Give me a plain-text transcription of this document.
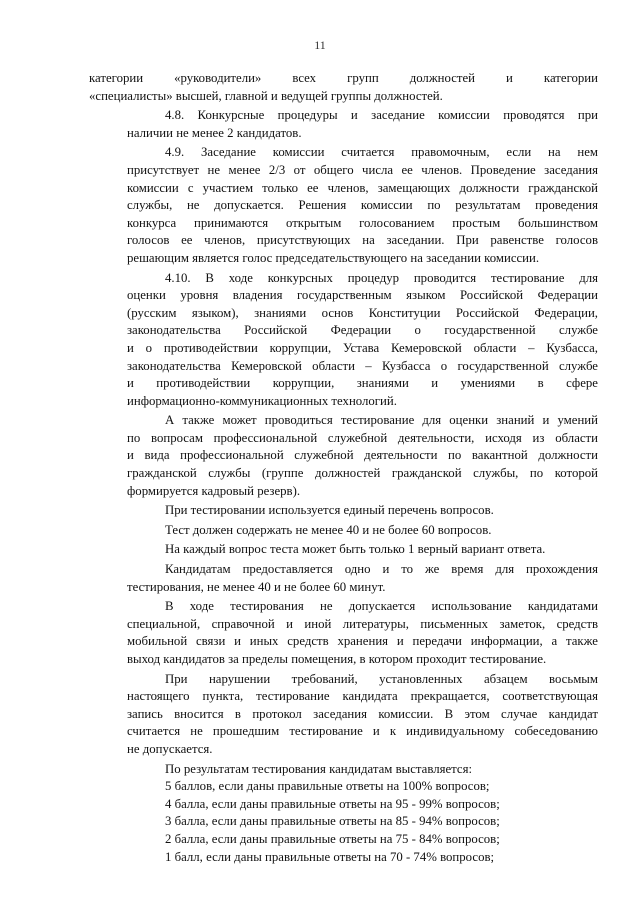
11
категории «руководители» всех групп должностей и категории
«специалисты» высшей, главной и ведущей группы должностей.
4.8. Конкурсные процедуры и заседание комиссии проводятся при
наличии не менее 2 кандидатов.
4.9. Заседание комиссии считается правомочным, если на нем
присутствует не менее 2/3 от общего числа ее членов. Проведение заседания
комиссии с участием только ее членов, замещающих должности гражданской
службы, не допускается. Решения комиссии по результатам проведения
конкурса принимаются открытым голосованием простым большинством
голосов ее членов, присутствующих на заседании. При равенстве голосов
решающим является голос председательствующего на заседании комиссии.
4.10. В ходе конкурсных процедур проводится тестирование для
оценки уровня владения государственным языком Российской Федерации
(русским языком), знаниями основ Конституции Российской Федерации,
законодательства Российской Федерации о государственной службе
и о противодействии коррупции, Устава Кемеровской области – Кузбасса,
законодательства Кемеровской области – Кузбасса о государственной службе
и противодействии коррупции, знаниями и умениями в сфере
информационно-коммуникационных технологий.
А также может проводиться тестирование для оценки знаний и умений
по вопросам профессиональной служебной деятельности, исходя из области
и вида профессиональной служебной деятельности по вакантной должности
гражданской службы (группе должностей гражданской службы, по которой
формируется кадровый резерв).
При тестировании используется единый перечень вопросов.
Тест должен содержать не менее 40 и не более 60 вопросов.
На каждый вопрос теста может быть только 1 верный вариант ответа.
Кандидатам предоставляется одно и то же время для прохождения
тестирования, не менее 40 и не более 60 минут.
В ходе тестирования не допускается использование кандидатами
специальной, справочной и иной литературы, письменных заметок, средств
мобильной связи и иных средств хранения и передачи информации, а также
выход кандидатов за пределы помещения, в котором проходит тестирование.
При нарушении требований, установленных абзацем восьмым
настоящего пункта, тестирование кандидата прекращается, соответствующая
запись вносится в протокол заседания комиссии. В этом случае кандидат
считается не прошедшим тестирование и к индивидуальному собеседованию
не допускается.
По результатам тестирования кандидатам выставляется:
5 баллов, если даны правильные ответы на 100% вопросов;
4 балла, если даны правильные ответы на 95 - 99% вопросов;
3 балла, если даны правильные ответы на 85 - 94% вопросов;
2 балла, если даны правильные ответы на 75 - 84% вопросов;
1 балл, если даны правильные ответы на 70 - 74% вопросов;
